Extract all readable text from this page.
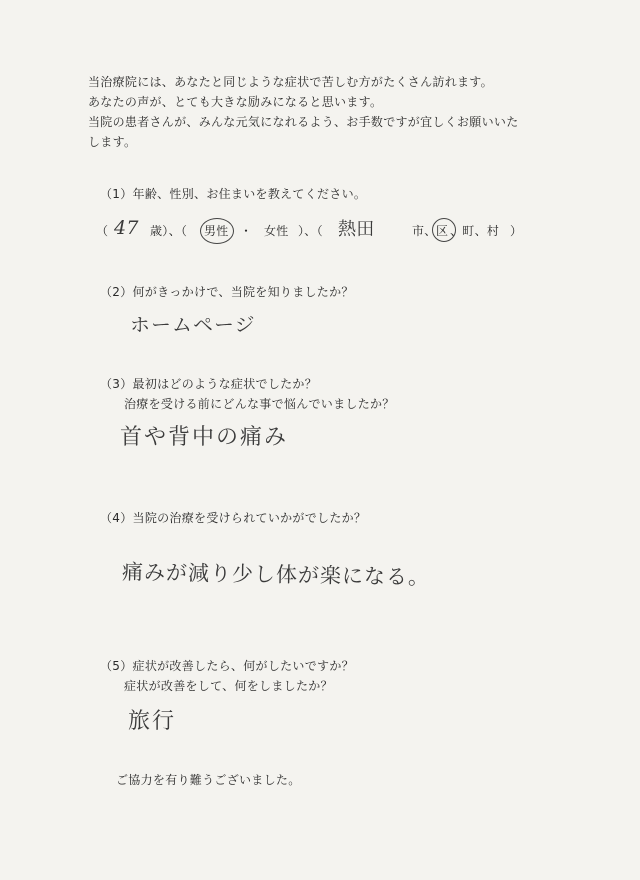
当治療院には、あなたと同じような症状で苦しむ方がたくさん訪れます。
あなたの声が、とても大きな励みになると思います。
当院の患者さんが、みんな元気になれるよう、お手数ですが宜しくお願いいた
します。
（1）年齢、性別、お住まいを教えてください。
（ 47 歳）、（ 男性 ・ 女性 ）、（ 熱田	市、 区 、町、村 ）
（2）何がきっかけで、当院を知りましたか？
ホームページ
（3）最初はどのような症状でしたか？
治療を受ける前にどんな事で悩んでいましたか？
首や背中の痛み
（4）当院の治療を受けられていかがでしたか？
痛みが減り少し体が楽になる。
（5）症状が改善したら、何がしたいですか？
症状が改善をして、何をしましたか？
旅行
ご協力を有り難うございました。
